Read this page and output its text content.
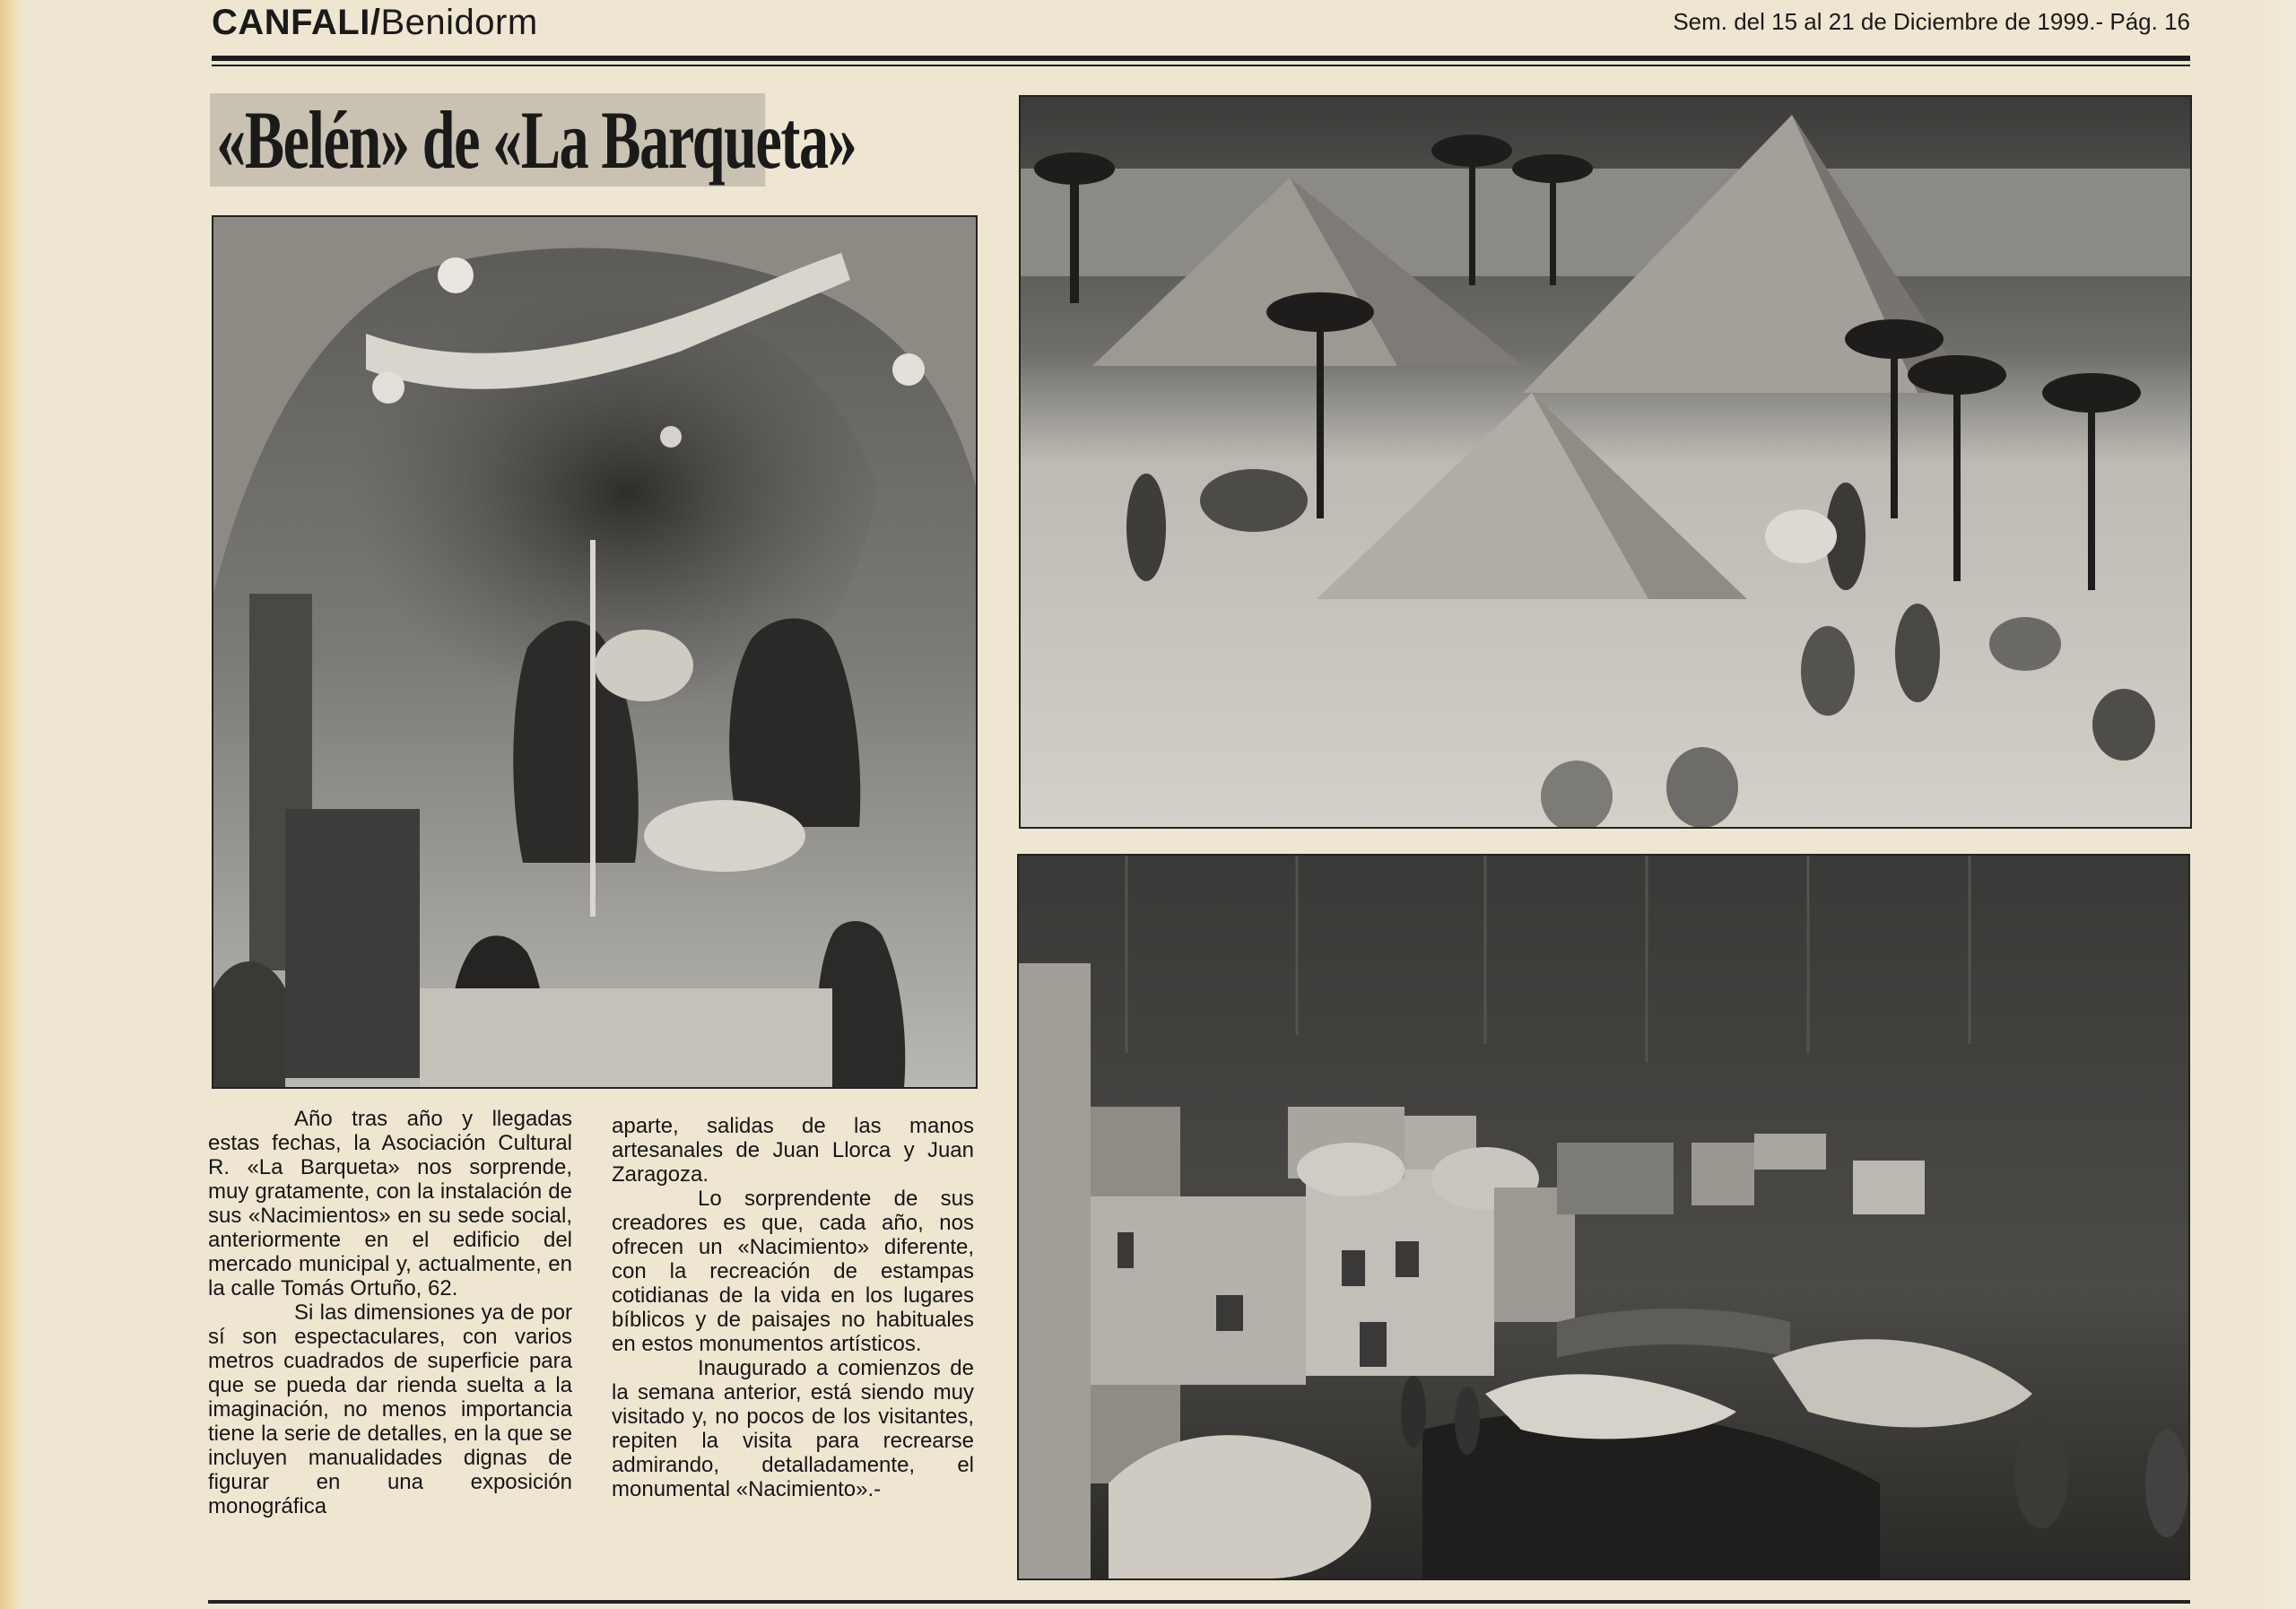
CANFALI/Benidorm	Sem. del 15 al 21 de Diciembre de 1999.- Pág. 16
«Belén» de «La Barqueta»

Año tras año y llegadas estas fechas, la Asociación Cultural R. «La Barqueta» nos sorprende, muy gratamente, con la instalación de sus «Nacimientos» en su sede social, anteriormente en el edificio del mercado municipal y, actualmente, en la calle Tomás Ortuño, 62.

Si las dimensiones ya de por sí son espectaculares, con varios metros cuadrados de superficie para que se pueda dar rienda suelta a la imaginación, no menos importancia tiene la serie de detalles, en la que se incluyen manualidades dignas de figurar en una exposición monográfica

aparte, salidas de las manos artesanales de Juan Llorca y Juan Zaragoza.

Lo sorprendente de sus creadores es que, cada año, nos ofrecen un «Nacimiento» diferente, con la recreación de estampas cotidianas de la vida en los lugares bíblicos y de paisajes no habituales en estos monumentos artísticos.

Inaugurado a comienzos de la semana anterior, está siendo muy visitado y, no pocos de los visitantes, repiten la visita para recrearse admirando, detalladamente, el monumental «Nacimiento».-
